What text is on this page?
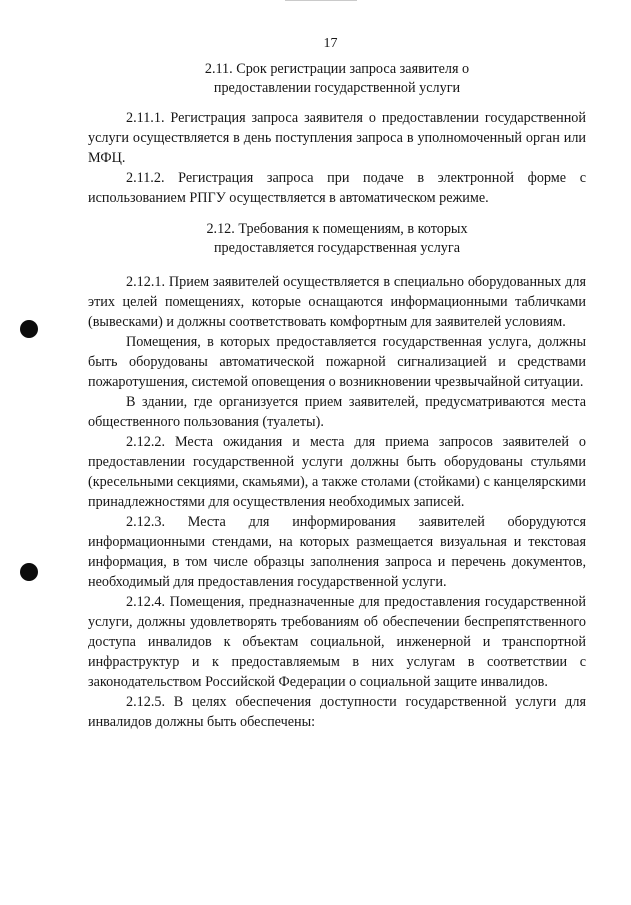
17
2.11. Срок регистрации запроса заявителя о
предоставлении государственной услуги

2.11.1. Регистрация запроса заявителя о предоставлении государственной услуги осуществляется в день поступления запроса в уполномоченный орган или МФЦ.

2.11.2. Регистрация запроса при подаче в электронной форме с использованием РПГУ осуществляется в автоматическом режиме.

2.12. Требования к помещениям, в которых
предоставляется государственная услуга

2.12.1. Прием заявителей осуществляется в специально оборудованных для этих целей помещениях, которые оснащаются информационными табличками (вывесками) и должны соответствовать комфортным для заявителей условиям.

Помещения, в которых предоставляется государственная услуга, должны быть оборудованы автоматической пожарной сигнализацией и средствами пожаротушения, системой оповещения о возникновении чрезвычайной ситуации.

В здании, где организуется прием заявителей, предусматриваются места общественного пользования (туалеты).

2.12.2. Места ожидания и места для приема запросов заявителей о предоставлении государственной услуги должны быть оборудованы стульями (кресельными секциями, скамьями), а также столами (стойками) с канцелярскими принадлежностями для осуществления необходимых записей.

2.12.3. Места для информирования заявителей оборудуются информационными стендами, на которых размещается визуальная и текстовая информация, в том числе образцы заполнения запроса и перечень документов, необходимый для предоставления государственной услуги.

2.12.4. Помещения, предназначенные для предоставления государственной услуги, должны удовлетворять требованиям об обеспечении беспрепятственного доступа инвалидов к объектам социальной, инженерной и транспортной инфраструктур и к предоставляемым в них услугам в соответствии с законодательством Российской Федерации о социальной защите инвалидов.

2.12.5. В целях обеспечения доступности государственной услуги для инвалидов должны быть обеспечены:
